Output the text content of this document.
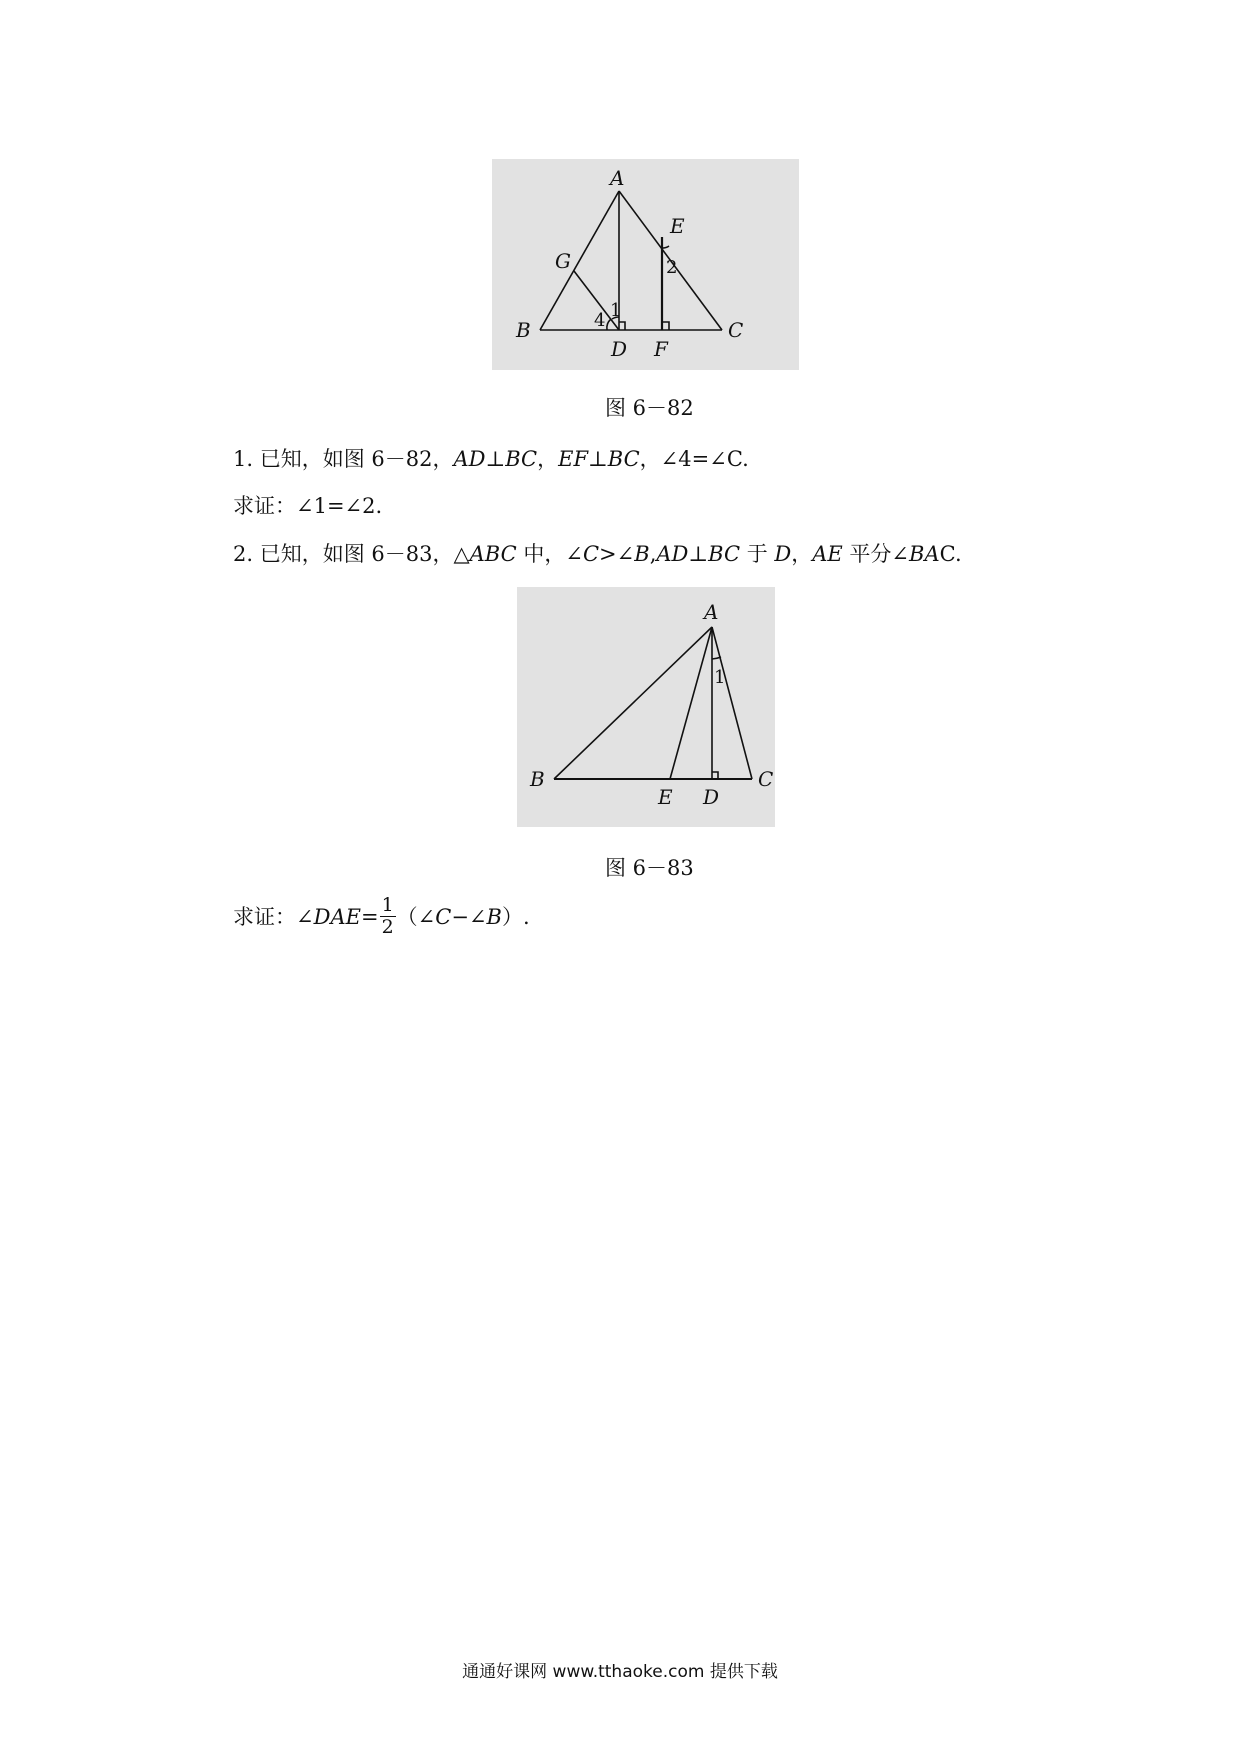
A
E
G
B	C
D F
1
2
4
图 6－82
1. 已知，如图 6－82，AD⊥BC，EF⊥BC，∠4=∠C.
求证：∠1=∠2.
2. 已知，如图 6－83，△ABC 中，∠C>∠B,AD⊥BC 于 D，AE 平分∠BAC.
A
B	C
E D
1
图 6－83
求证：∠DAE= $\frac{1}{2}$ （∠C−∠B）.
通通好课网 www.tthaoke.com 提供下载
